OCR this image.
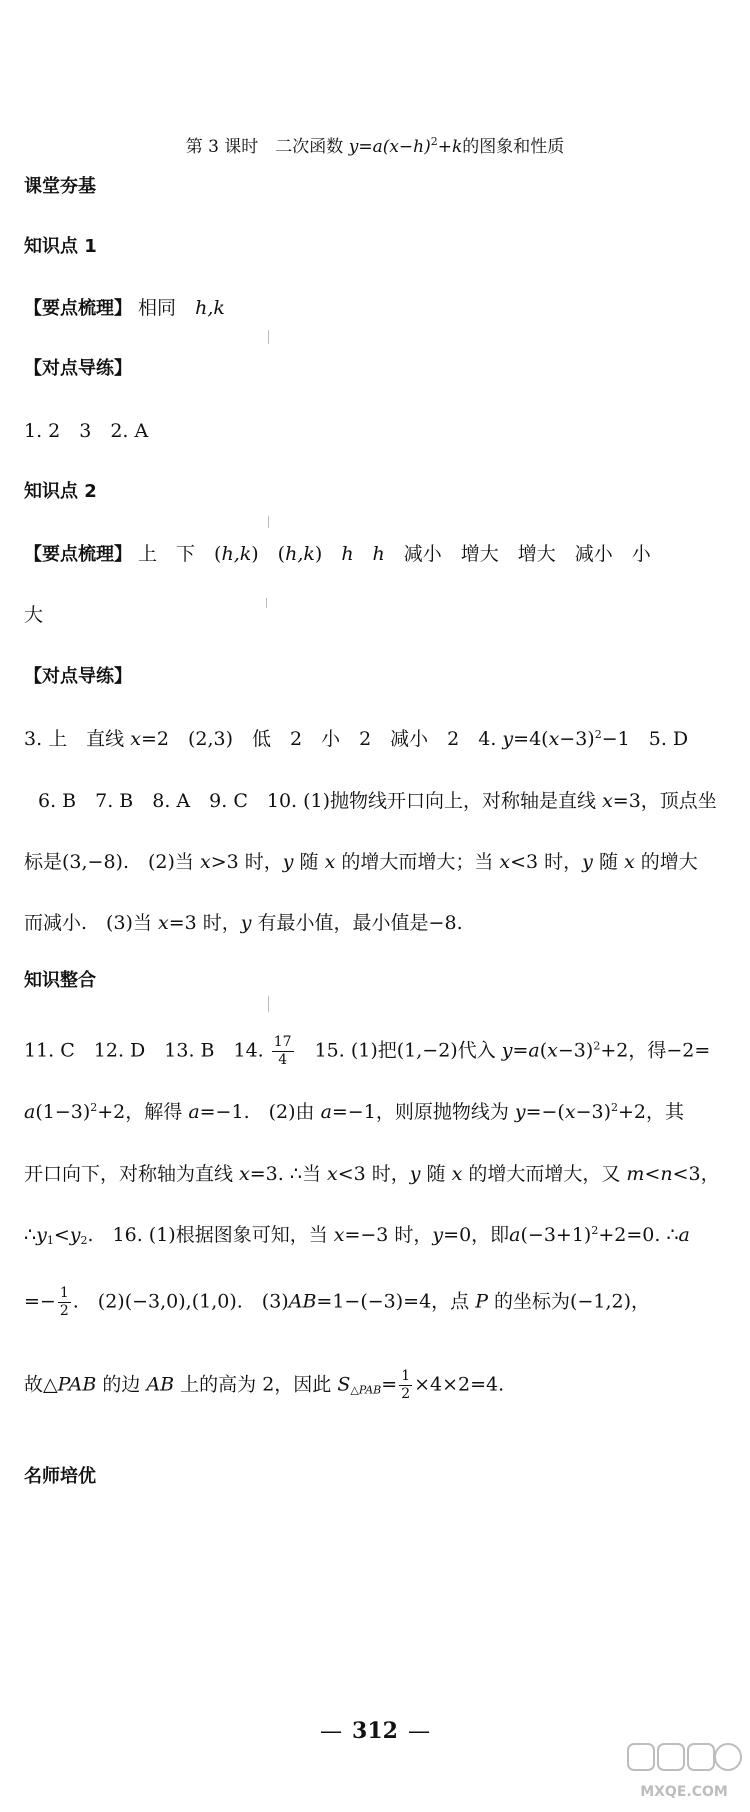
第 3 课时　二次函数 $y=a(x-h)^2+k$的图象和性质
课堂夯基
知识点 1
【要点梳理】 相同　 h,k
【对点导练】
1. 2　3　2. A
知识点 2
【要点梳理】 上　下　(h,k)　(h,k)　h　h　减小　增大　增大　减小　小
大
【对点导练】
3. 上　直线 x=2　(2,3)　低　2　小　2　减小　2　4. $y=4(x-3)^2-1$　5. D
6. B　7. B　8. A　9. C　10. (1)抛物线开口向上，对称轴是直线 x=3，顶点坐
标是(3,−8).　(2)当 x>3 时，y 随 x 的增大而增大；当 x<3 时，y 随 x 的增大
而减小.　(3)当 x=3 时，y 有最小值，最小值是−8.
知识整合
11. C　12. D　13. B　14. $\frac{17}{4}$ 　15. (1)把(1,−2)代入 $y=a(x-3)^2+2$，得−2=
$a(1-3)^2+2$，解得 a=−1.　(2)由 a=−1，则原抛物线为 $y=-(x-3)^2+2$，其
开口向下，对称轴为直线 x=3. ∴当 x<3 时，y 随 x 的增大而增大，又 m<n<3，
$\therefore y_1<y_2$.　16. (1)根据图象可知，当 x=−3 时，y=0，即$a(-3+1)^2+2=0$. ∴a
=− $\frac{1}{2}$ .　(2)(−3,0),(1,0).　(3)AB=1−(−3)=4，点 P 的坐标为(−1,2)，
故△PAB 的边 AB 上的高为 2，因此 $S_{\triangle PAB}= \frac{1}{2} \times 4\times 2=4$.
名师培优
— 312 —
MXQE.COM
